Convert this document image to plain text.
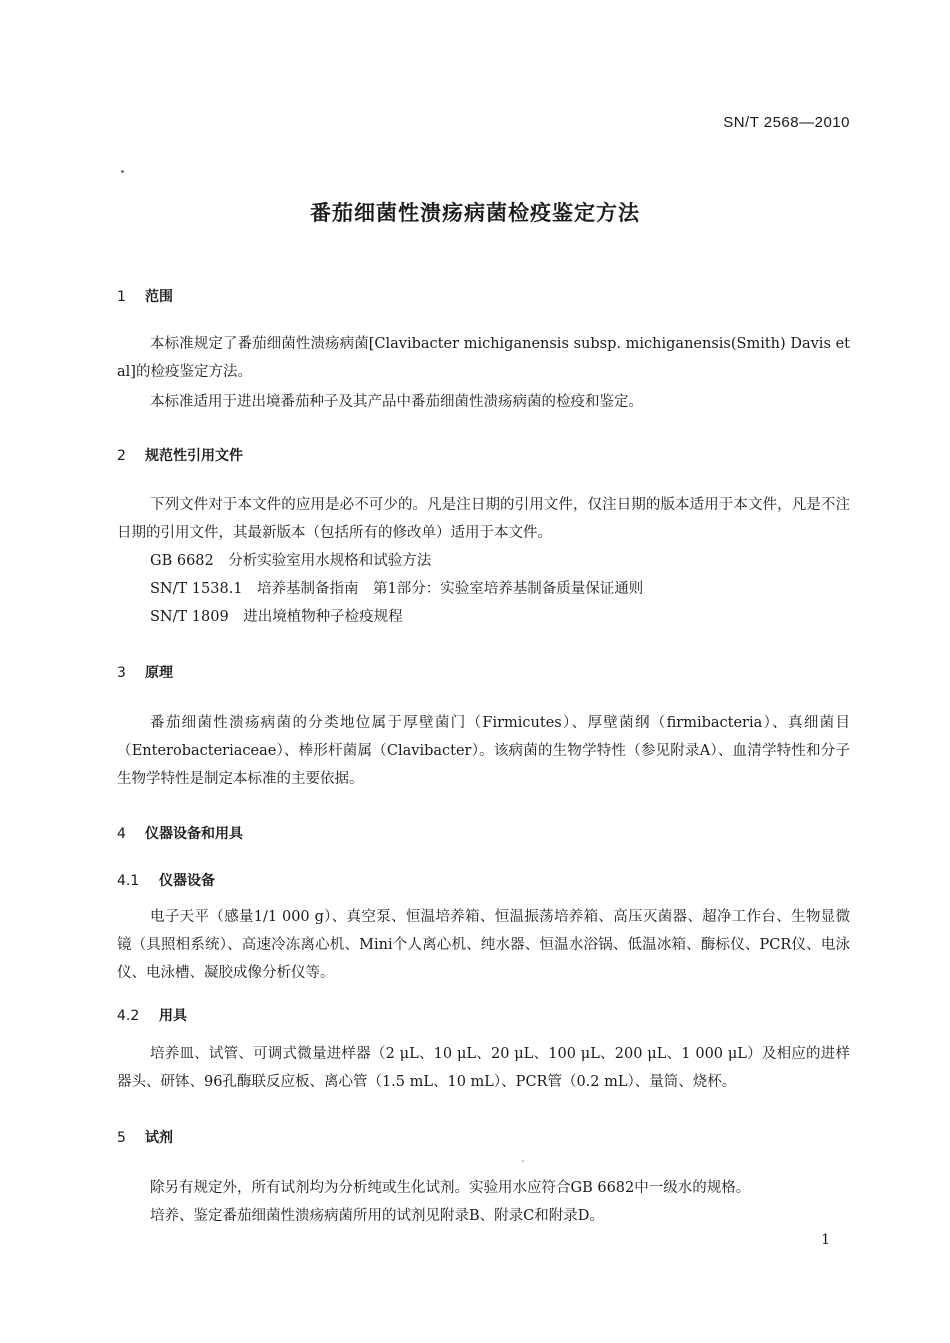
SN/T 2568—2010
番茄细菌性溃疡病菌检疫鉴定方法
1 范围

本标准规定了番茄细菌性溃疡病菌[Clavibacter michiganensis subsp. michiganensis(Smith) Davis et al]的检疫鉴定方法。

本标准适用于进出境番茄种子及其产品中番茄细菌性溃疡病菌的检疫和鉴定。

2 规范性引用文件

下列文件对于本文件的应用是必不可少的。凡是注日期的引用文件，仅注日期的版本适用于本文件，凡是不注日期的引用文件，其最新版本（包括所有的修改单）适用于本文件。

GB 6682　分析实验室用水规格和试验方法
SN/T 1538.1　培养基制备指南　第1部分：实验室培养基制备质量保证通则
SN/T 1809　进出境植物种子检疫规程
3 原理

番茄细菌性溃疡病菌的分类地位属于厚壁菌门（Firmicutes）、厚壁菌纲（firmibacteria）、真细菌目（Enterobacteriaceae）、棒形杆菌属（Clavibacter）。该病菌的生物学特性（参见附录A）、血清学特性和分子生物学特性是制定本标准的主要依据。

4 仪器设备和用具
4.1 仪器设备

电子天平（感量1/1 000 g）、真空泵、恒温培养箱、恒温振荡培养箱、高压灭菌器、超净工作台、生物显微镜（具照相系统）、高速冷冻离心机、Mini个人离心机、纯水器、恒温水浴锅、低温冰箱、酶标仪、PCR仪、电泳仪、电泳槽、凝胶成像分析仪等。

4.2 用具

培养皿、试管、可调式微量进样器（2 μL、10 μL、20 μL、100 μL、200 μL、1 000 μL）及相应的进样器头、研钵、96孔酶联反应板、离心管（1.5 mL、10 mL）、PCR管（0.2 mL）、量筒、烧杯。

5 试剂

除另有规定外，所有试剂均为分析纯或生化试剂。实验用水应符合GB 6682中一级水的规格。

培养、鉴定番茄细菌性溃疡病菌所用的试剂见附录B、附录C和附录D。

1
